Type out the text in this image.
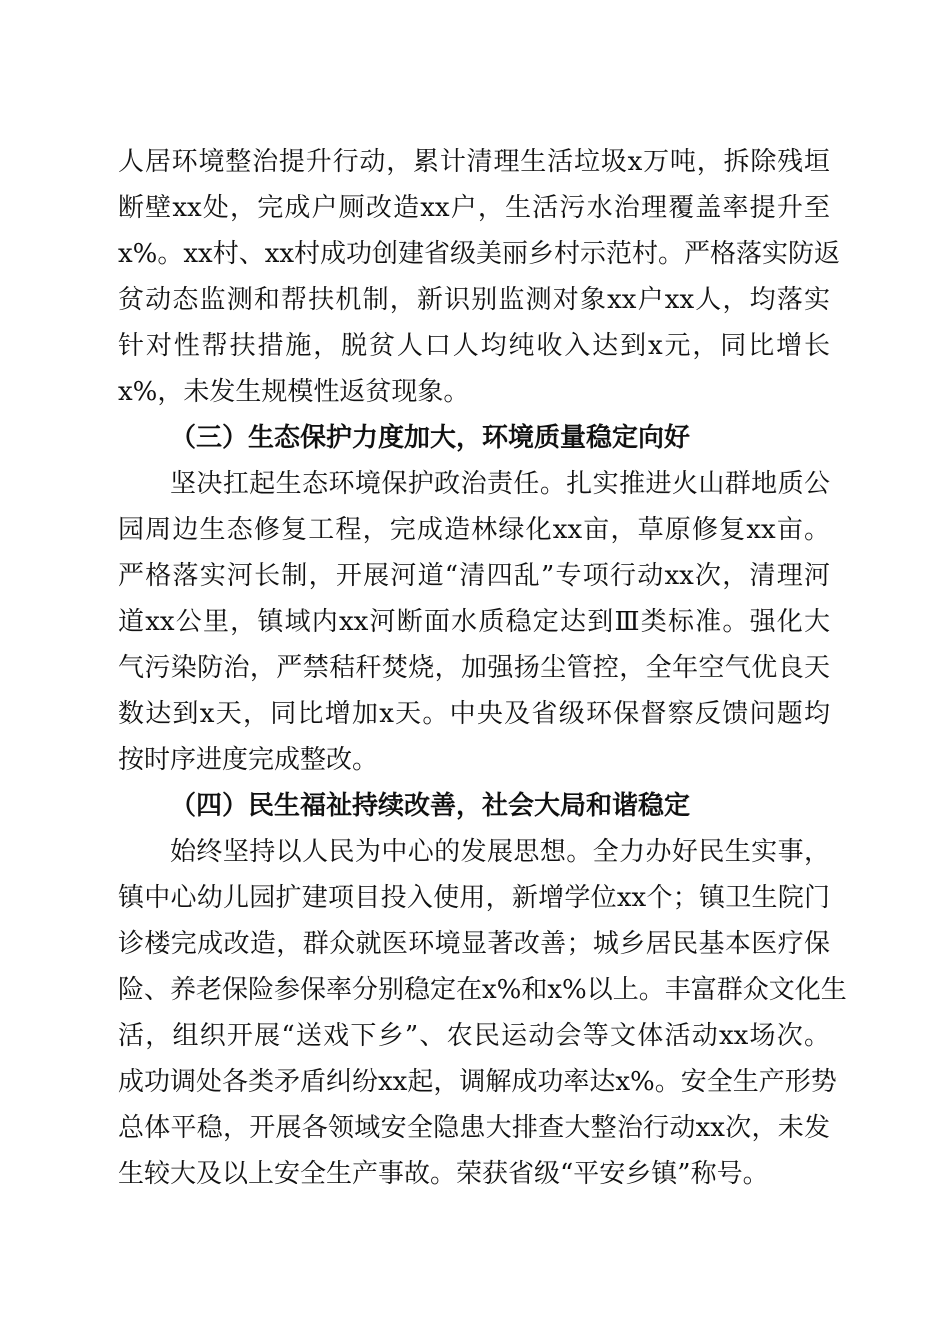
人居环境整治提升行动，累计清理生活垃圾x万吨，拆除残垣

断壁xx处，完成户厕改造xx户，生活污水治理覆盖率提升至

x%。xx村、xx村成功创建省级美丽乡村示范村。严格落实防返

贫动态监测和帮扶机制，新识别监测对象xx户xx人，均落实

针对性帮扶措施，脱贫人口人均纯收入达到x元，同比增长

x%，未发生规模性返贫现象。

（三）生态保护力度加大，环境质量稳定向好

坚决扛起生态环境保护政治责任。扎实推进火山群地质公

园周边生态修复工程，完成造林绿化xx亩，草原修复xx亩。

严格落实河长制，开展河道“清四乱”专项行动xx次，清理河

道xx公里，镇域内xx河断面水质稳定达到Ⅲ类标准。强化大

气污染防治，严禁秸秆焚烧，加强扬尘管控，全年空气优良天

数达到x天，同比增加x天。中央及省级环保督察反馈问题均

按时序进度完成整改。

（四）民生福祉持续改善，社会大局和谐稳定

始终坚持以人民为中心的发展思想。全力办好民生实事，

镇中心幼儿园扩建项目投入使用，新增学位xx个；镇卫生院门

诊楼完成改造，群众就医环境显著改善；城乡居民基本医疗保

险、养老保险参保率分别稳定在x%和x%以上。丰富群众文化生

活，组织开展“送戏下乡”、农民运动会等文体活动xx场次。

成功调处各类矛盾纠纷xx起，调解成功率达x%。安全生产形势

总体平稳，开展各领域安全隐患大排查大整治行动xx次，未发

生较大及以上安全生产事故。荣获省级“平安乡镇”称号。
